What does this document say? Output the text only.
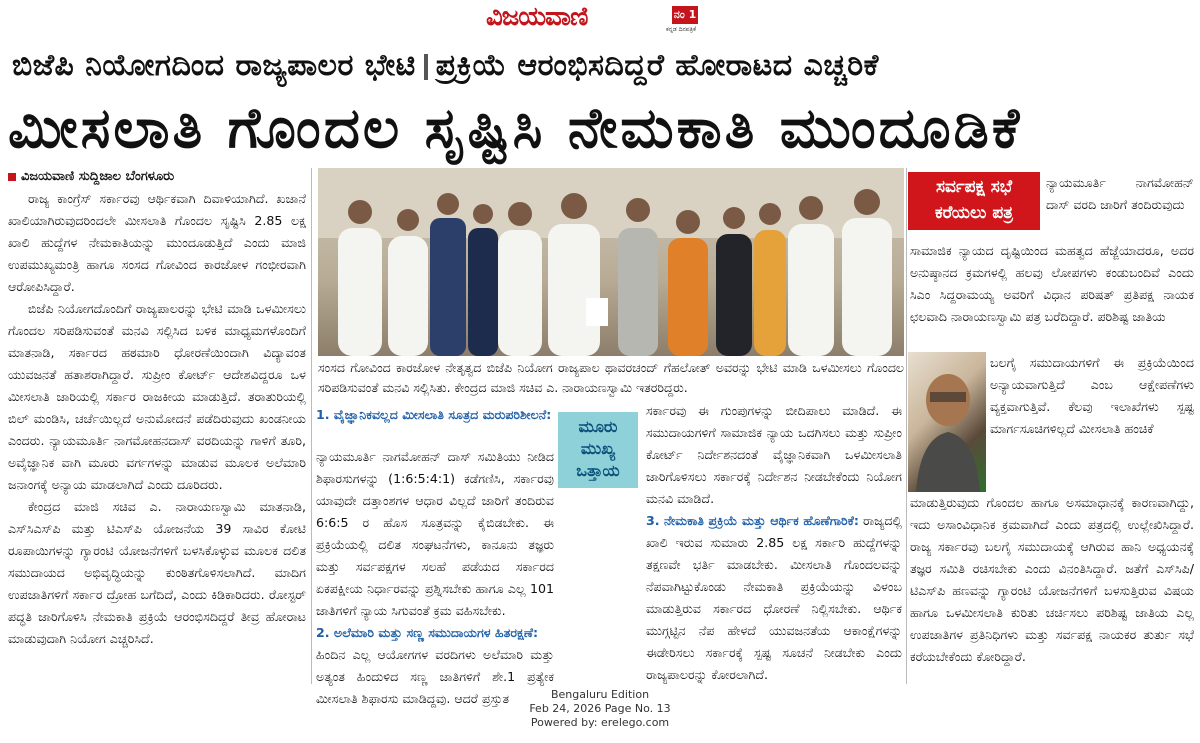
ವಿಜಯವಾಣಿ	ನಂ 1
ಕನ್ನಡ ದಿನಪತ್ರಿಕೆ
ಬಿಜೆಪಿ ನಿಯೋಗದಿಂದ ರಾಜ್ಯಪಾಲರ ಭೇಟಿ ಪ್ರಕ್ರಿಯೆ ಆರಂಭಿಸದಿದ್ದರೆ ಹೋರಾಟದ ಎಚ್ಚರಿಕೆ
ಮೀಸಲಾತಿ ಗೊಂದಲ ಸೃಷ್ಟಿಸಿ ನೇಮಕಾತಿ ಮುಂದೂಡಿಕೆ
ವಿಜಯವಾಣಿ ಸುದ್ದಿಜಾಲ ಬೆಂಗಳೂರು

ರಾಜ್ಯ ಕಾಂಗ್ರೆಸ್ ಸರ್ಕಾರವು ಆರ್ಥಿಕವಾಗಿ ದಿವಾಳಿಯಾಗಿದೆ. ಖಜಾನೆ ಖಾಲಿಯಾಗಿರುವುದರಿಂದಲೇ ಮೀಸಲಾತಿ ಗೊಂದಲ ಸೃಷ್ಟಿಸಿ 2.85 ಲಕ್ಷ ಖಾಲಿ ಹುದ್ದೆಗಳ ನೇಮಕಾತಿಯನ್ನು ಮುಂದೂಡುತ್ತಿದೆ ಎಂದು ಮಾಜಿ ಉಪಮುಖ್ಯಮಂತ್ರಿ ಹಾಗೂ ಸಂಸದ ಗೋವಿಂದ ಕಾರಜೋಳ ಗಂಭೀರವಾಗಿ ಆರೋಪಿಸಿದ್ದಾರೆ.

ಬಿಜೆಪಿ ನಿಯೋಗದೊಂದಿಗೆ ರಾಜ್ಯಪಾಲರನ್ನು ಭೇಟಿ ಮಾಡಿ ಒಳಮೀಸಲು ಗೊಂದಲ ಸರಿಪಡಿಸುವಂತೆ ಮನವಿ ಸಲ್ಲಿಸಿದ ಬಳಿಕ ಮಾಧ್ಯಮಗಳೊಂದಿಗೆ ಮಾತನಾಡಿ, ಸರ್ಕಾರದ ಹಠಮಾರಿ ಧೋರಣೆಯಿಂದಾಗಿ ವಿದ್ಯಾವಂತ ಯುವಜನತೆ ಹತಾಶರಾಗಿದ್ದಾರೆ. ಸುಪ್ರೀಂ ಕೋರ್ಟ್ ಆದೇಶವಿದ್ದರೂ ಒಳ ಮೀಸಲಾತಿ ಜಾರಿಯಲ್ಲಿ ಸರ್ಕಾರ ರಾಜಕೀಯ ಮಾಡುತ್ತಿದೆ. ತರಾತುರಿಯಲ್ಲಿ ಬಿಲ್ ಮಂಡಿಸಿ, ಚರ್ಚೆಯಿಲ್ಲದೆ ಅನುಮೋದನೆ ಪಡೆದಿರುವುದು ಖಂಡನೀಯ ಎಂದರು. ನ್ಯಾಯಮೂರ್ತಿ ನಾಗಮೋಹನದಾಸ್ ವರದಿಯನ್ನು ಗಾಳಿಗೆ ತೂರಿ, ಅವೈಜ್ಞಾನಿಕ ವಾಗಿ ಮೂರು ವರ್ಗಗಳನ್ನು ಮಾಡುವ ಮೂಲಕ ಅಲೆಮಾರಿ ಜನಾಂಗಕ್ಕೆ ಅನ್ಯಾಯ ಮಾಡಲಾಗಿದೆ ಎಂದು ದೂರಿದರು.

ಕೇಂದ್ರದ ಮಾಜಿ ಸಚಿವ ಎ. ನಾರಾಯಣಸ್ವಾಮಿ ಮಾತನಾಡಿ, ಎಸ್‌ಸಿಎಸ್‌ಪಿ ಮತ್ತು ಟಿಎಸ್‌ಪಿ ಯೋಜನೆಯ 39 ಸಾವಿರ ಕೋಟಿ ರೂಪಾಯಿಗಳನ್ನು ಗ್ಯಾರಂಟಿ ಯೋಜನೆಗಳಿಗೆ ಬಳಸಿಕೊಳ್ಳುವ ಮೂಲಕ ದಲಿತ ಸಮುದಾಯದ ಅಭಿವೃದ್ಧಿಯನ್ನು ಕುಂಠಿತಗೊಳಿಸಲಾಗಿದೆ. ಮಾದಿಗ ಉಪಜಾತಿಗಳಿಗೆ ಸರ್ಕಾರ ದ್ರೋಹ ಬಗೆದಿದೆ, ಎಂದು ಕಿಡಿಕಾರಿದರು. ರೋಸ್ಟರ್ ಪದ್ಧತಿ ಜಾರಿಗೊಳಿಸಿ ನೇಮಕಾತಿ ಪ್ರಕ್ರಿಯೆ ಆರಂಭಿಸದಿದ್ದರೆ ತೀವ್ರ ಹೋರಾಟ ಮಾಡುವುದಾಗಿ ನಿಯೋಗ ಎಚ್ಚರಿಸಿದೆ.

ಸಂಸದ ಗೋವಿಂದ ಕಾರಜೋಳ ನೇತೃತ್ವದ ಬಿಜೆಪಿ ನಿಯೋಗ ರಾಜ್ಯಪಾಲ ಥಾವರಚಂದ್ ಗೆಹಲೋತ್ ಅವರನ್ನು ಭೇಟಿ ಮಾಡಿ ಒಳಮೀಸಲು ಗೊಂದಲ ಸರಿಪಡಿಸುವಂತೆ ಮನವಿ ಸಲ್ಲಿಸಿತು. ಕೇಂದ್ರದ ಮಾಜಿ ಸಚಿವ ಎ. ನಾರಾಯಣಸ್ವಾಮಿ ಇತರರಿದ್ದರು.
ಮೂರು
ಮುಖ್ಯ
ಒತ್ತಾಯ
1. ವೈಜ್ಞಾನಿಕವಲ್ಲದ ಮೀಸಲಾತಿ ಸೂತ್ರದ ಮರುಪರಿಶೀಲನೆ:
ನ್ಯಾಯಮೂರ್ತಿ ನಾಗಮೋಹನ್ ದಾಸ್ ಸಮಿತಿಯು ನೀಡಿದ ಶಿಫಾರಸುಗಳನ್ನು (1:6:5:4:1) ಕಡೆಗಣಿಸಿ, ಸರ್ಕಾರವು ಯಾವುದೇ ದತ್ತಾಂಶಗಳ ಆಧಾರ ವಿಲ್ಲದೆ ಜಾರಿಗೆ ತಂದಿರುವ 6:6:5 ರ ಹೊಸ ಸೂತ್ರವನ್ನು ಕೈಬಿಡಬೇಕು. ಈ ಪ್ರಕ್ರಿಯೆಯಲ್ಲಿ ದಲಿತ ಸಂಘಟನೆಗಳು, ಕಾನೂನು ತಜ್ಞರು ಮತ್ತು ಸರ್ವಪಕ್ಷಗಳ ಸಲಹೆ ಪಡೆಯದ ಸರ್ಕಾರದ ಏಕಪಕ್ಷೀಯ ನಿರ್ಧಾರವನ್ನು ಪ್ರಶ್ನಿಸಬೇಕು ಹಾಗೂ ಎಲ್ಲ 101 ಜಾತಿಗಳಿಗೆ ನ್ಯಾಯ ಸಿಗುವಂತೆ ಕ್ರಮ ವಹಿಸಬೇಕು.
2. ಅಲೆಮಾರಿ ಮತ್ತು ಸಣ್ಣ ಸಮುದಾಯಗಳ ಹಿತರಕ್ಷಣೆ:
ಹಿಂದಿನ ಎಲ್ಲ ಆಯೋಗಗಳ ವರದಿಗಳು ಅಲೆಮಾರಿ ಮತ್ತು ಅತ್ಯಂತ ಹಿಂದುಳಿದ ಸಣ್ಣ ಜಾತಿಗಳಿಗೆ ಶೇ.1 ಪ್ರತ್ಯೇಕ ಮೀಸಲಾತಿ ಶಿಫಾರಸು ಮಾಡಿದ್ದವು. ಆದರೆ ಪ್ರಸ್ತುತ
ಸರ್ಕಾರವು ಈ ಗುಂಪುಗಳನ್ನು ಬೀದಿಪಾಲು ಮಾಡಿದೆ. ಈ ಸಮುದಾಯಗಳಿಗೆ ಸಾಮಾಜಿಕ ನ್ಯಾಯ ಒದಗಿಸಲು ಮತ್ತು ಸುಪ್ರೀಂ ಕೋರ್ಟ್ ನಿರ್ದೇಶನದಂತೆ ವೈಜ್ಞಾನಿಕವಾಗಿ ಒಳಮೀಸಲಾತಿ ಜಾರಿಗೊಳಿಸಲು ಸರ್ಕಾರಕ್ಕೆ ನಿರ್ದೇಶನ ನೀಡಬೇಕೆಂದು ನಿಯೋಗ ಮನವಿ ಮಾಡಿದೆ.
3. ನೇಮಕಾತಿ ಪ್ರಕ್ರಿಯೆ ಮತ್ತು ಆರ್ಥಿಕ ಹೊಣೆಗಾರಿಕೆ: ರಾಜ್ಯದಲ್ಲಿ ಖಾಲಿ ಇರುವ ಸುಮಾರು 2.85 ಲಕ್ಷ ಸರ್ಕಾರಿ ಹುದ್ದೆಗಳನ್ನು ತಕ್ಷಣವೇ ಭರ್ತಿ ಮಾಡಬೇಕು. ಮೀಸಲಾತಿ ಗೊಂದಲವನ್ನು ನೆಪವಾಗಿಟ್ಟುಕೊಂಡು ನೇಮಕಾತಿ ಪ್ರಕ್ರಿಯೆಯನ್ನು ವಿಳಂಬ ಮಾಡುತ್ತಿರುವ ಸರ್ಕಾರದ ಧೋರಣೆ ನಿಲ್ಲಿಸಬೇಕು. ಆರ್ಥಿಕ ಮುಗ್ಗಟ್ಟಿನ ನೆಪ ಹೇಳದೆ ಯುವಜನತೆಯ ಆಕಾಂಕ್ಷೆಗಳನ್ನು ಈಡೇರಿಸಲು ಸರ್ಕಾರಕ್ಕೆ ಸ್ಪಷ್ಟ ಸೂಚನೆ ನೀಡಬೇಕು ಎಂದು ರಾಜ್ಯಪಾಲರನ್ನು ಕೋರಲಾಗಿದೆ.
ಸರ್ವಪಕ್ಷ ಸಭೆ
ಕರೆಯಲು ಪತ್ರ
ನ್ಯಾಯಮೂರ್ತಿ ನಾಗಮೋಹನ್ ದಾಸ್ ವರದಿ ಜಾರಿಗೆ ತಂದಿರುವುದು
ಸಾಮಾಜಿಕ ನ್ಯಾಯದ ದೃಷ್ಟಿಯಿಂದ ಮಹತ್ವದ ಹೆಜ್ಜೆಯಾದರೂ, ಅದರ ಅನುಷ್ಠಾನದ ಕ್ರಮಗಳಲ್ಲಿ ಹಲವು ಲೋಪಗಳು ಕಂಡುಬಂದಿವೆ ಎಂದು ಸಿಎಂ ಸಿದ್ದರಾಮಯ್ಯ ಅವರಿಗೆ ವಿಧಾನ ಪರಿಷತ್ ಪ್ರತಿಪಕ್ಷ ನಾಯಕ ಛಲವಾದಿ ನಾರಾಯಣಸ್ವಾಮಿ ಪತ್ರ ಬರೆದಿದ್ದಾರೆ. ಪರಿಶಿಷ್ಟ ಜಾತಿಯ
ಬಲಗೈ ಸಮುದಾಯಗಳಿಗೆ ಈ ಪ್ರಕ್ರಿಯೆಯಿಂದ ಅನ್ಯಾಯವಾಗುತ್ತಿದೆ ಎಂಬ ಆಕ್ಷೇಪಣೆಗಳು ವ್ಯಕ್ತವಾಗುತ್ತಿವೆ. ಕೆಲವು ಇಲಾಖೆಗಳು ಸ್ಪಷ್ಟ ಮಾರ್ಗಸೂಚಿಗಳಿಲ್ಲದೆ ಮೀಸಲಾತಿ ಹಂಚಿಕೆ
ಮಾಡುತ್ತಿರುವುದು ಗೊಂದಲ ಹಾಗೂ ಅಸಮಾಧಾನಕ್ಕೆ ಕಾರಣವಾಗಿದ್ದು, ಇದು ಅಸಾಂವಿಧಾನಿಕ ಕ್ರಮವಾಗಿದೆ ಎಂದು ಪತ್ರದಲ್ಲಿ ಉಲ್ಲೇಖಿಸಿದ್ದಾರೆ. ರಾಜ್ಯ ಸರ್ಕಾರವು ಬಲಗೈ ಸಮುದಾಯಕ್ಕೆ ಆಗಿರುವ ಹಾನಿ ಅಧ್ಯಯನಕ್ಕೆ ತಜ್ಞರ ಸಮಿತಿ ರಚಿಸಬೇಕು ಎಂದು ವಿನಂತಿಸಿದ್ದಾರೆ. ಜತೆಗೆ ಎಸ್‌ಸಿಪಿ/ಟಿಎಸ್‌ಪಿ ಹಣವನ್ನು ಗ್ಯಾರಂಟಿ ಯೋಜನೆಗಳಿಗೆ ಬಳಸುತ್ತಿರುವ ವಿಷಯ ಹಾಗೂ ಒಳಮೀಸಲಾತಿ ಕುರಿತು ಚರ್ಚಿಸಲು ಪರಿಶಿಷ್ಟ ಜಾತಿಯ ಎಲ್ಲ ಉಪಜಾತಿಗಳ ಪ್ರತಿನಿಧಿಗಳು ಮತ್ತು ಸರ್ವಪಕ್ಷ ನಾಯಕರ ತುರ್ತು ಸಭೆ ಕರೆಯಬೇಕೆಂದು ಕೋರಿದ್ದಾರೆ.
Bengaluru Edition
Feb 24, 2026 Page No. 13
Powered by: erelego.com
